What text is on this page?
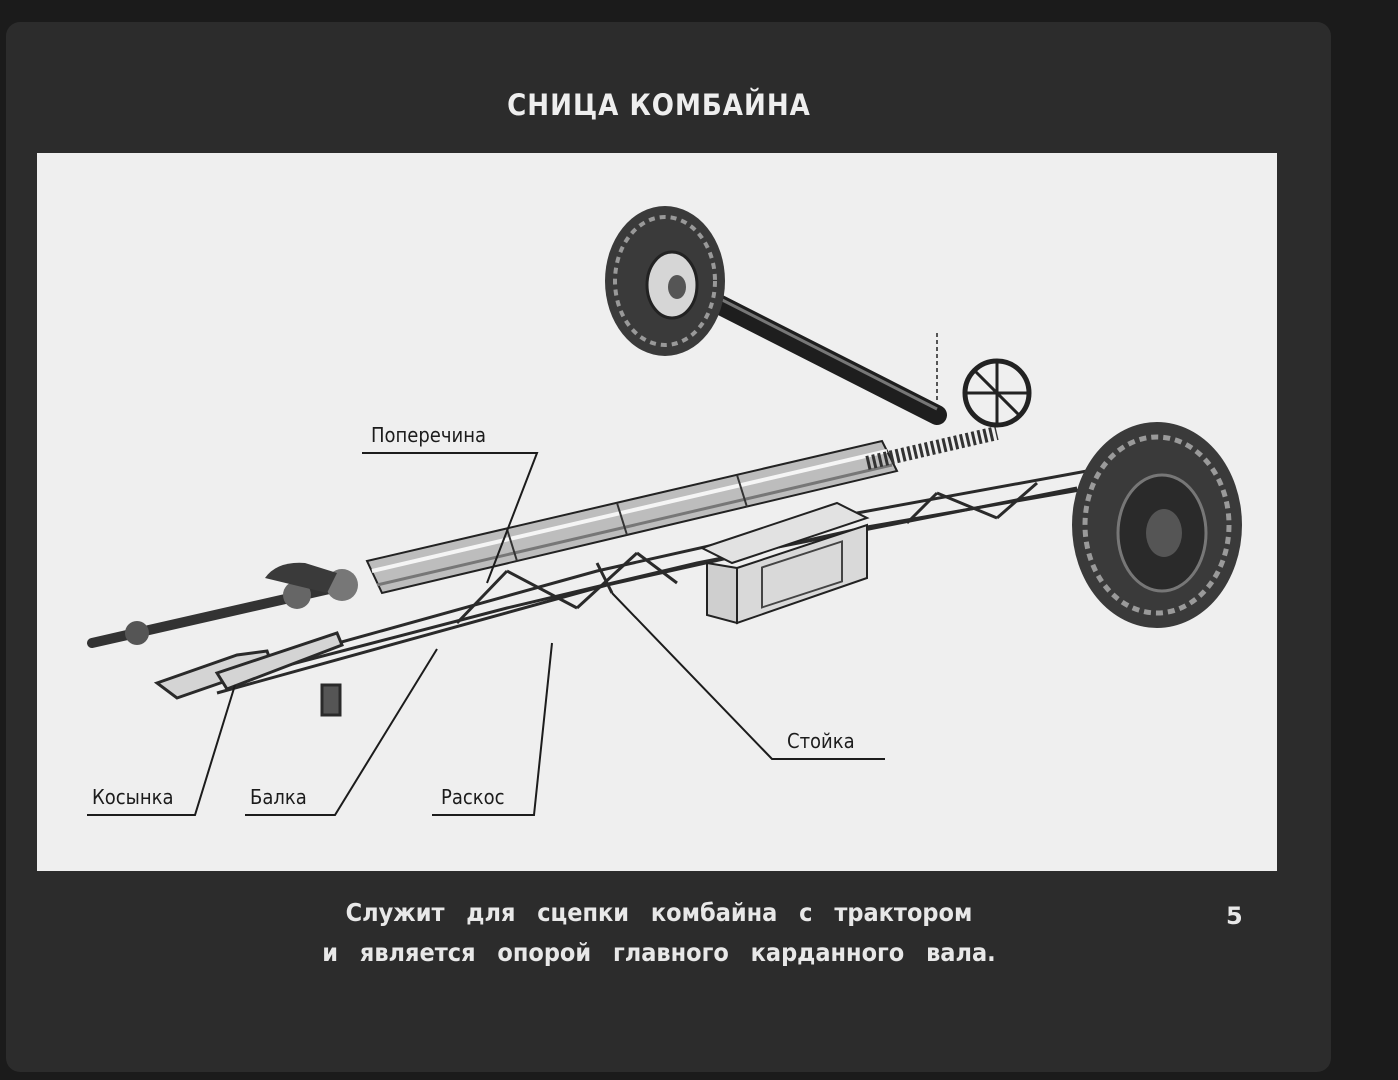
СНИЦА КОМБАЙНА
Поперечина
Стойка
Косынка	Балка	Раскос
Служит для сцепки комбайна с трактором
и является опорой главного карданного вала.
5
